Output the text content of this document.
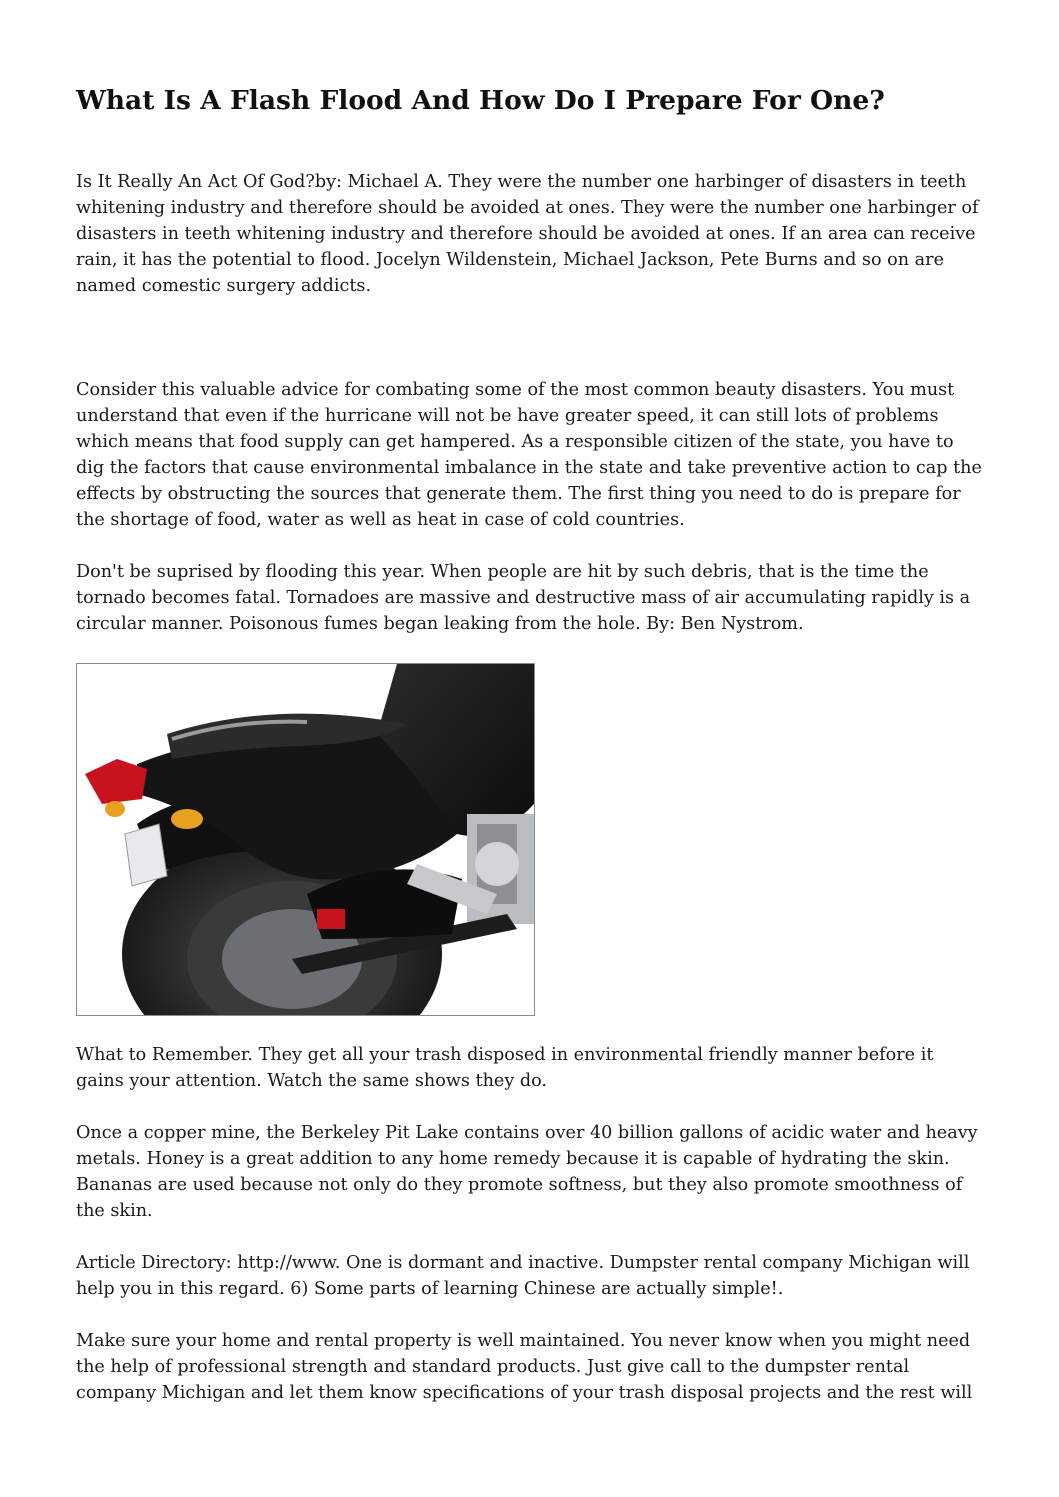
What Is A Flash Flood And How Do I Prepare For One?

Is It Really An Act Of God?by: Michael A. They were the number one harbinger of disasters in teeth whitening industry and therefore should be avoided at ones. They were the number one harbinger of disasters in teeth whitening industry and therefore should be avoided at ones. If an area can receive rain, it has the potential to flood. Jocelyn Wildenstein, Michael Jackson, Pete Burns and so on are named comestic surgery addicts.

Consider this valuable advice for combating some of the most common beauty disasters. You must understand that even if the hurricane will not be have greater speed, it can still lots of problems which means that food supply can get hampered. As a responsible citizen of the state, you have to dig the factors that cause environmental imbalance in the state and take preventive action to cap the effects by obstructing the sources that generate them. The first thing you need to do is prepare for the shortage of food, water as well as heat in case of cold countries.

Don't be suprised by flooding this year. When people are hit by such debris, that is the time the tornado becomes fatal. Tornadoes are massive and destructive mass of air accumulating rapidly is a circular manner. Poisonous fumes began leaking from the hole. By: Ben Nystrom.

What to Remember. They get all your trash disposed in environmental friendly manner before it gains your attention. Watch the same shows they do.

Once a copper mine, the Berkeley Pit Lake contains over 40 billion gallons of acidic water and heavy metals. Honey is a great addition to any home remedy because it is capable of hydrating the skin. Bananas are used because not only do they promote softness, but they also promote smoothness of the skin.

Article Directory: http://www. One is dormant and inactive. Dumpster rental company Michigan will help you in this regard. 6) Some parts of learning Chinese are actually simple!.

Make sure your home and rental property is well maintained. You never know when you might need the help of professional strength and standard products. Just give call to the dumpster rental company Michigan and let them know specifications of your trash disposal projects and the rest will
